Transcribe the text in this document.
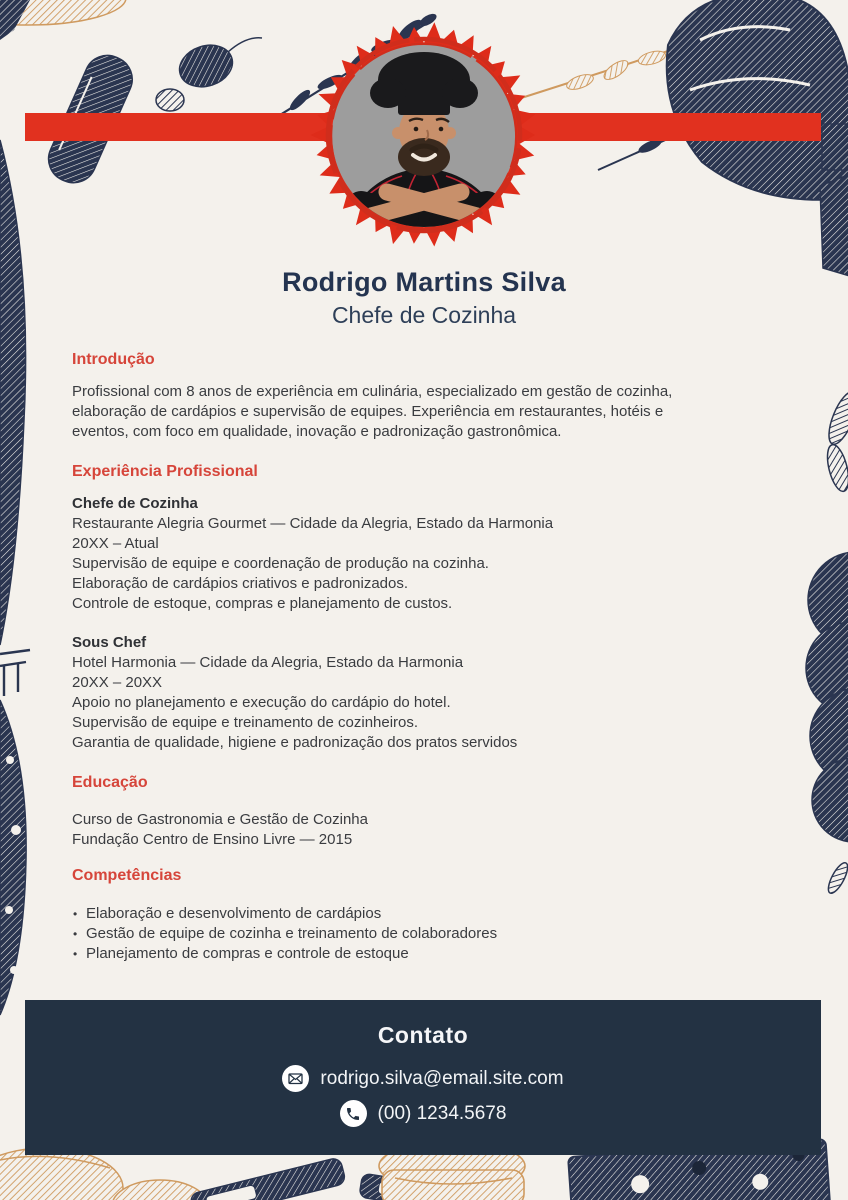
Rodrigo Martins Silva
Chefe de Cozinha
Introdução
Profissional com 8 anos de experiência em culinária, especializado em gestão de cozinha,
elaboração de cardápios e supervisão de equipes. Experiência em restaurantes, hotéis e
eventos, com foco em qualidade, inovação e padronização gastronômica.
Experiência Profissional
Chefe de Cozinha
Restaurante Alegria Gourmet — Cidade da Alegria, Estado da Harmonia
20XX – Atual
Supervisão de equipe e coordenação de produção na cozinha.
Elaboração de cardápios criativos e padronizados.
Controle de estoque, compras e planejamento de custos.
Sous Chef
Hotel Harmonia — Cidade da Alegria, Estado da Harmonia
20XX – 20XX
Apoio no planejamento e execução do cardápio do hotel.
Supervisão de equipe e treinamento de cozinheiros.
Garantia de qualidade, higiene e padronização dos pratos servidos
Educação
Curso de Gastronomia e Gestão de Cozinha
Fundação Centro de Ensino Livre — 2015
Competências
• Elaboração e desenvolvimento de cardápios
• Gestão de equipe de cozinha e treinamento de colaboradores
• Planejamento de compras e controle de estoque
Contato
rodrigo.silva@email.site.com
(00) 1234.5678
